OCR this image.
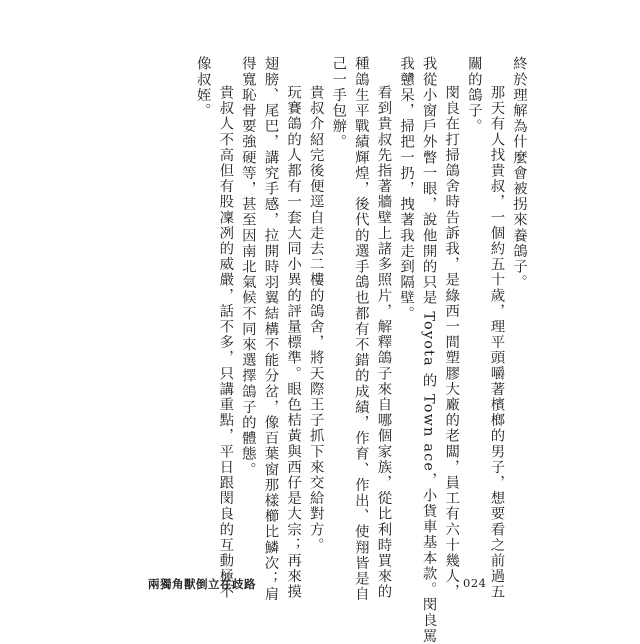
終於理解為什麼會被拐來養鴿子。
那天有人找貴叔，一個約五十歲，理平頭嚼著檳榔的男子，想要看之前過五
關的鴿子。
閔良在打掃鴿舍時告訴我，是綠西一間塑膠大廠的老闆，員工有六十幾人，
我從小窗戶外瞥一眼，說他開的只是 Toyota 的 Town ace，小貨車基本款。閔良罵
我戇呆，掃把一扔，拽著我走到隔壁。
看到貴叔先指著牆壁上諸多照片，解釋鴿子來自哪個家族，從比利時買來的
種鴿生平戰績輝煌，後代的選手鴿也都有不錯的成績，作育、作出、使翔皆是自
己一手包辦。
貴叔介紹完後便逕自走去二樓的鴿舍，將天際王子抓下來交給對方。
玩賽鴿的人都有一套大同小異的評量標準。眼色桔黃與西仔是大宗；再來摸
翅膀、尾巴，講究手感，拉開時羽翼結構不能分岔，像百葉窗那樣櫛比鱗次；肩
得寬恥骨要強硬等，甚至因南北氣候不同來選擇鴿子的體態。
貴叔人不高但有股凜冽的威嚴，話不多，只講重點，平日跟閔良的互動極不
像叔姪。
兩獨角獸倒立在歧路	024
